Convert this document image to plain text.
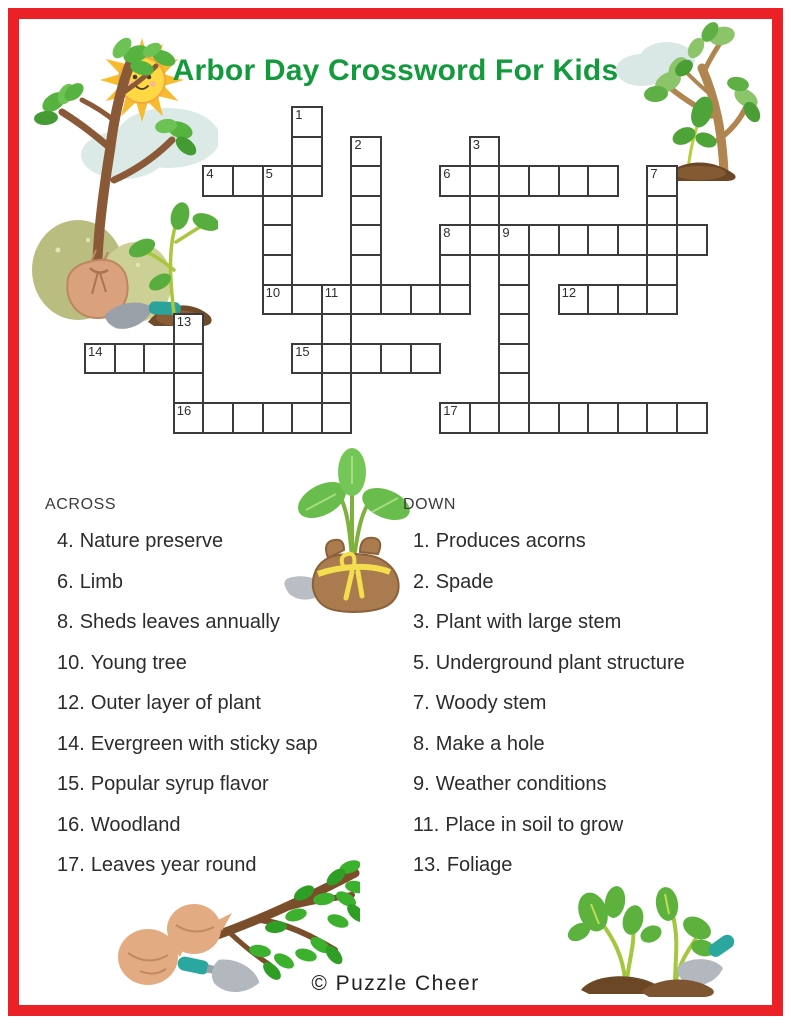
Arbor Day Crossword For Kids
1
2	3
4	5	6	7
8	9
10	11	12
13
14	15
16	17
ACROSS
4. Nature preserve
6. Limb
8. Sheds leaves annually
10. Young tree
12. Outer layer of plant
14. Evergreen with sticky sap
15. Popular syrup flavor
16. Woodland
17. Leaves year round
DOWN
1. Produces acorns
2. Spade
3. Plant with large stem
5. Underground plant structure
7. Woody stem
8. Make a hole
9. Weather conditions
11. Place in soil to grow
13. Foliage
© Puzzle Cheer
